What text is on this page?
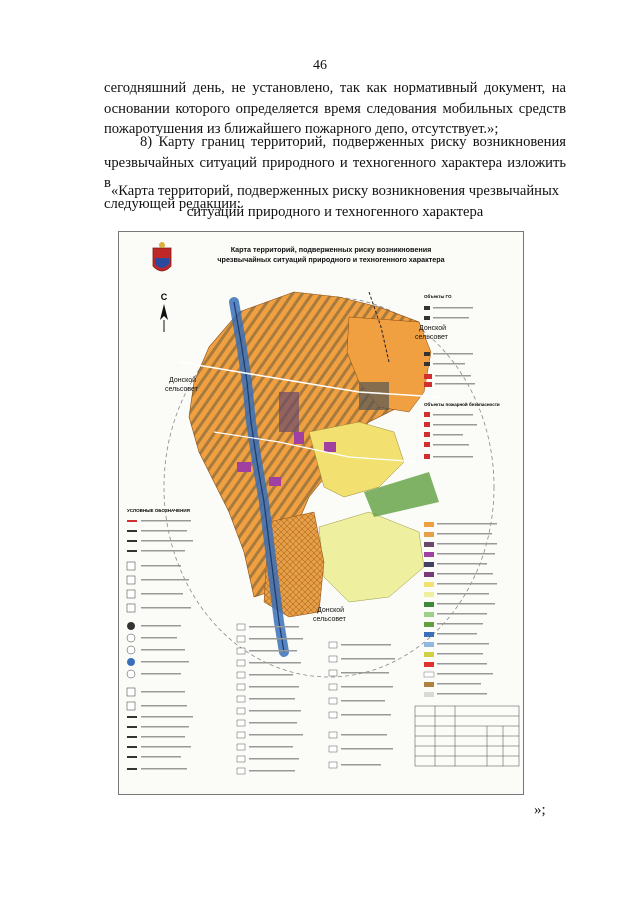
46
сегодняшний день, не установлено, так как нормативный документ, на
основании которого определяется время следования мобильных средств
пожаротушения из ближайшего пожарного депо, отсутствует.»;
8) Карту границ территорий, подверженных риску возникновения
чрезвычайных ситуаций природного и техногенного характера изложить в
следующей редакции:
«Карта территорий, подверженных риску возникновения чрезвычайных
ситуаций природного и техногенного характера
Карта территорий, подверженных риску возникновения
чрезвычайных ситуаций природного и техногенного характера
С
Донской
сельсовет
Донской
сельсовет
Донской
сельсовет
Объекты ГО
Объекты пожарной безопасности
УСЛОВНЫЕ ОБОЗНАЧЕНИЯ
»;
